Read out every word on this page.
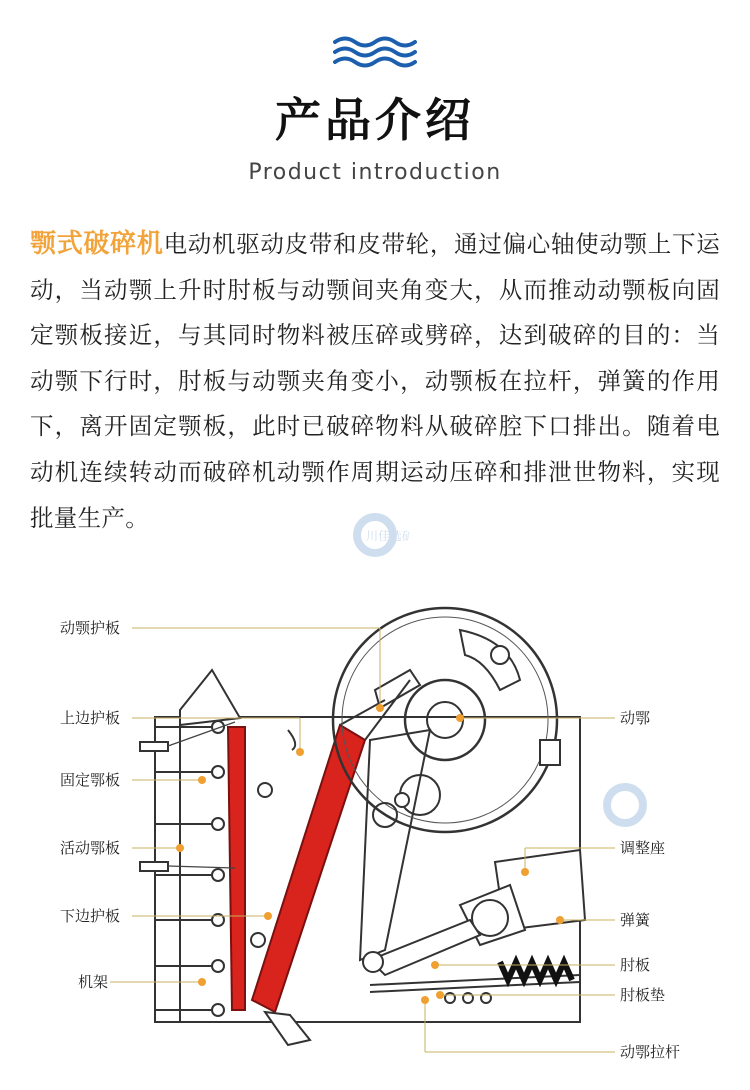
产品介绍
Product introduction
颚式破碎机电动机驱动皮带和皮带轮，通过偏心轴使动颚上下运动，当动颚上升时肘板与动颚间夹角变大，从而推动动颚板向固定颚板接近，与其同时物料被压碎或劈碎，达到破碎的目的：当动颚下行时，肘板与动颚夹角变小，动颚板在拉杆，弹簧的作用下，离开固定颚板，此时已破碎物料从破碎腔下口排出。随着电动机连续转动而破碎机动颚作周期运动压碎和排泄世物料，实现批量生产。
动颚护板
上边护板
固定鄂板
活动鄂板
下边护板
机架
动鄂
调整座
弹簧
肘板
肘板垫
动鄂拉杆
川佳选矿
